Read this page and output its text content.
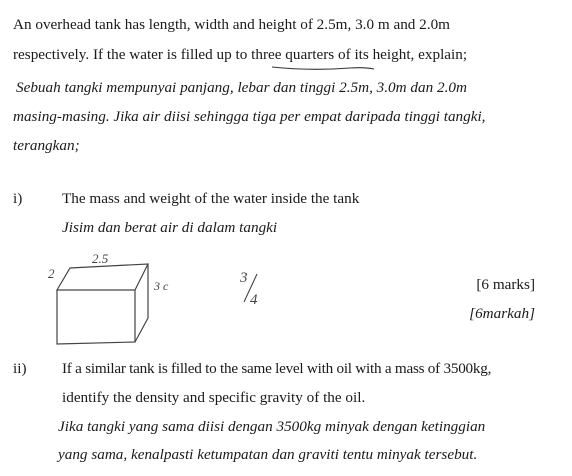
An overhead tank has length, width and height of 2.5m, 3.0 m and 2.0m
respectively. If the water is filled up to three quarters of its height, explain;
Sebuah tangki mempunyai panjang, lebar dan tinggi 2.5m, 3.0m dan 2.0m
masing-masing. Jika air diisi sehingga tiga per empat daripada tinggi tangki,
terangkan;
i)	The mass and weight of the water inside the tank
Jisim dan berat air di dalam tangki
[6 marks]
[6markah]
2.5
2
3 c	3
4
ii) If a similar tank is filled to the same level with oil with a mass of 3500kg,
identify the density and specific gravity of the oil.
Jika tangki yang sama diisi dengan 3500kg minyak dengan ketinggian
yang sama, kenalpasti ketumpatan dan graviti tentu minyak tersebut.
